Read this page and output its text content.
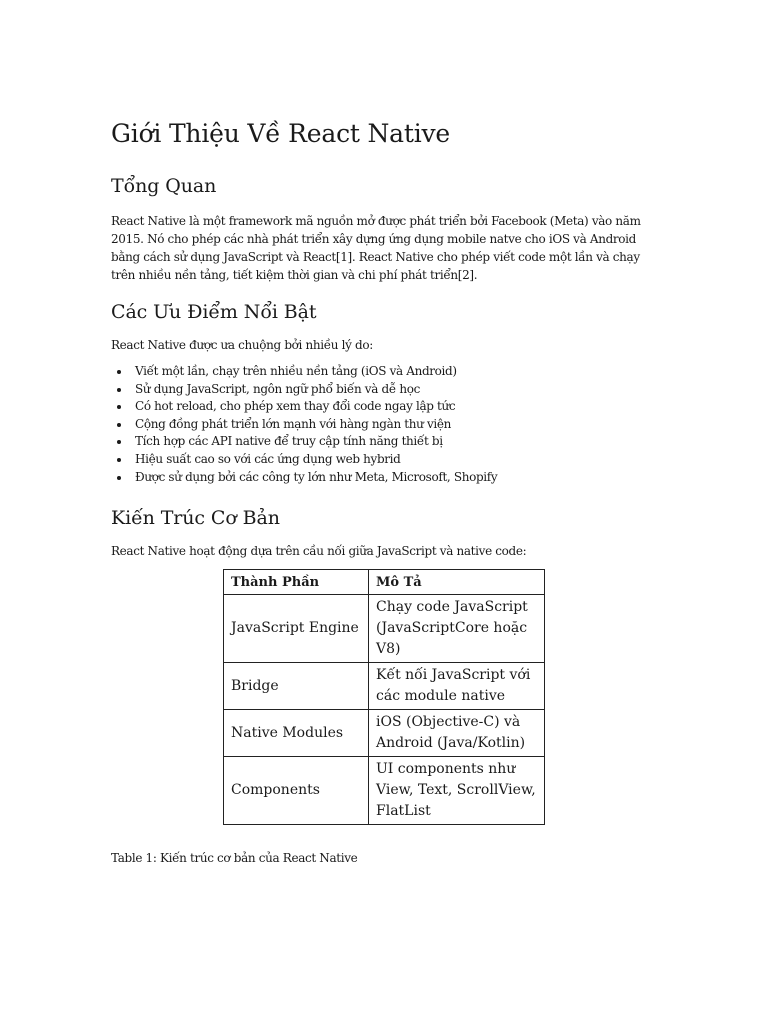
Giới Thiệu Về React Native
Tổng Quan

React Native là một framework mã nguồn mở được phát triển bởi Facebook (Meta) vào năm 2015. Nó cho phép các nhà phát triển xây dựng ứng dụng mobile natve cho iOS và Android bằng cách sử dụng JavaScript và React[1]. React Native cho phép viết code một lần và chạy trên nhiều nền tảng, tiết kiệm thời gian và chi phí phát triển[2].

Các Ưu Điểm Nổi Bật

React Native được ưa chuộng bởi nhiều lý do:

• Viết một lần, chạy trên nhiều nền tảng (iOS và Android)
• Sử dụng JavaScript, ngôn ngữ phổ biến và dễ học
• Có hot reload, cho phép xem thay đổi code ngay lập tức
• Cộng đồng phát triển lớn mạnh với hàng ngàn thư viện
• Tích hợp các API native để truy cập tính năng thiết bị
• Hiệu suất cao so với các ứng dụng web hybrid
• Được sử dụng bởi các công ty lớn như Meta, Microsoft, Shopify
Kiến Trúc Cơ Bản

React Native hoạt động dựa trên cầu nối giữa JavaScript và native code:

Thành Phần	Mô Tả
JavaScript Engine	Chạy code JavaScript (JavaScriptCore hoặc V8)
Bridge	Kết nối JavaScript với các module native
Native Modules	iOS (Objective-C) và Android (Java/Kotlin)
Components	UI components như View, Text, ScrollView, FlatList
Table 1: Kiến trúc cơ bản của React Native
